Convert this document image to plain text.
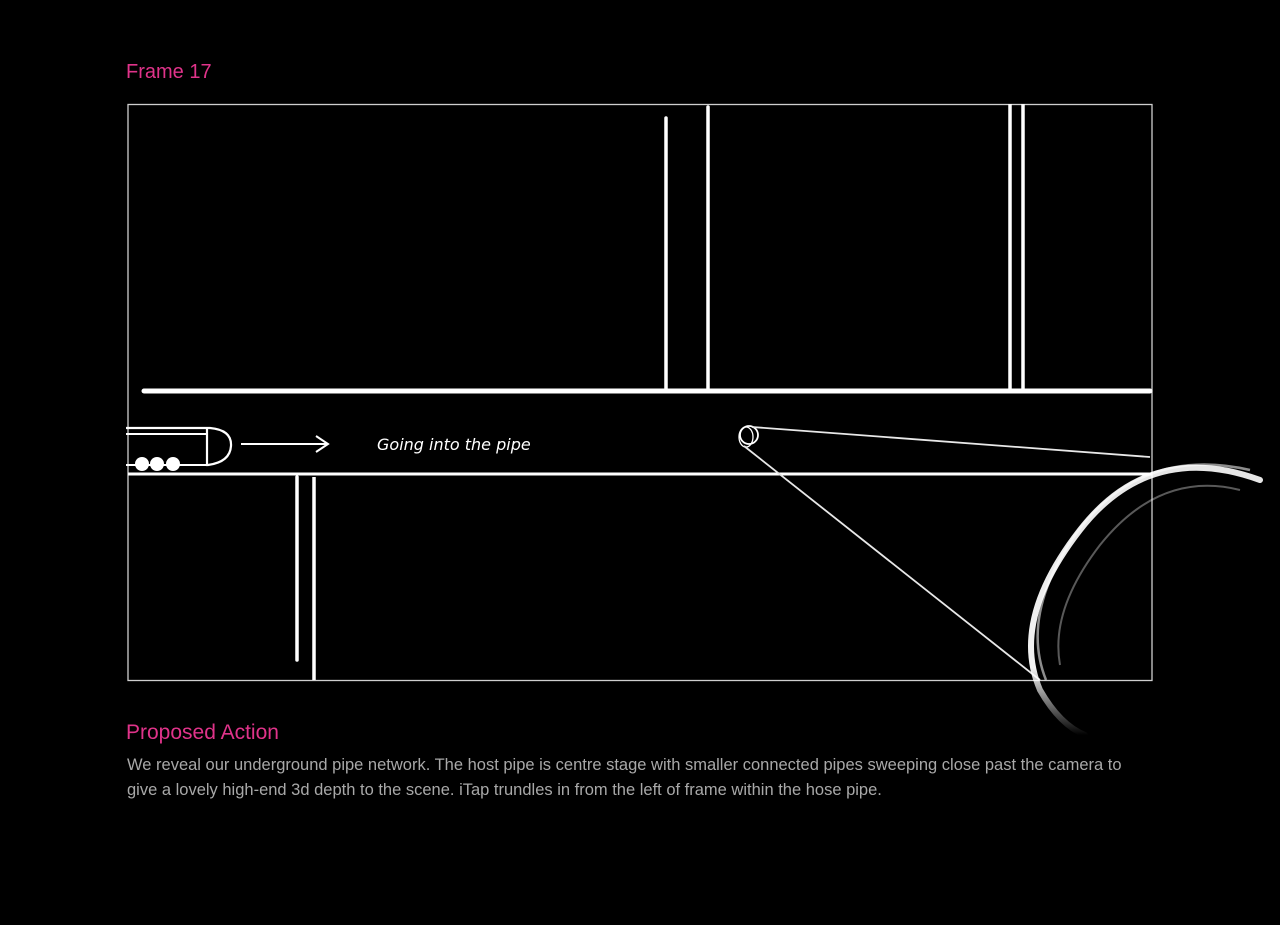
Frame 17
Going into the pipe
Proposed Action

We reveal our underground pipe network. The host pipe is centre stage with smaller connected pipes sweeping close past the camera to give a lovely high-end 3d depth to the scene. iTap trundles in from the left of frame within the hose pipe.
